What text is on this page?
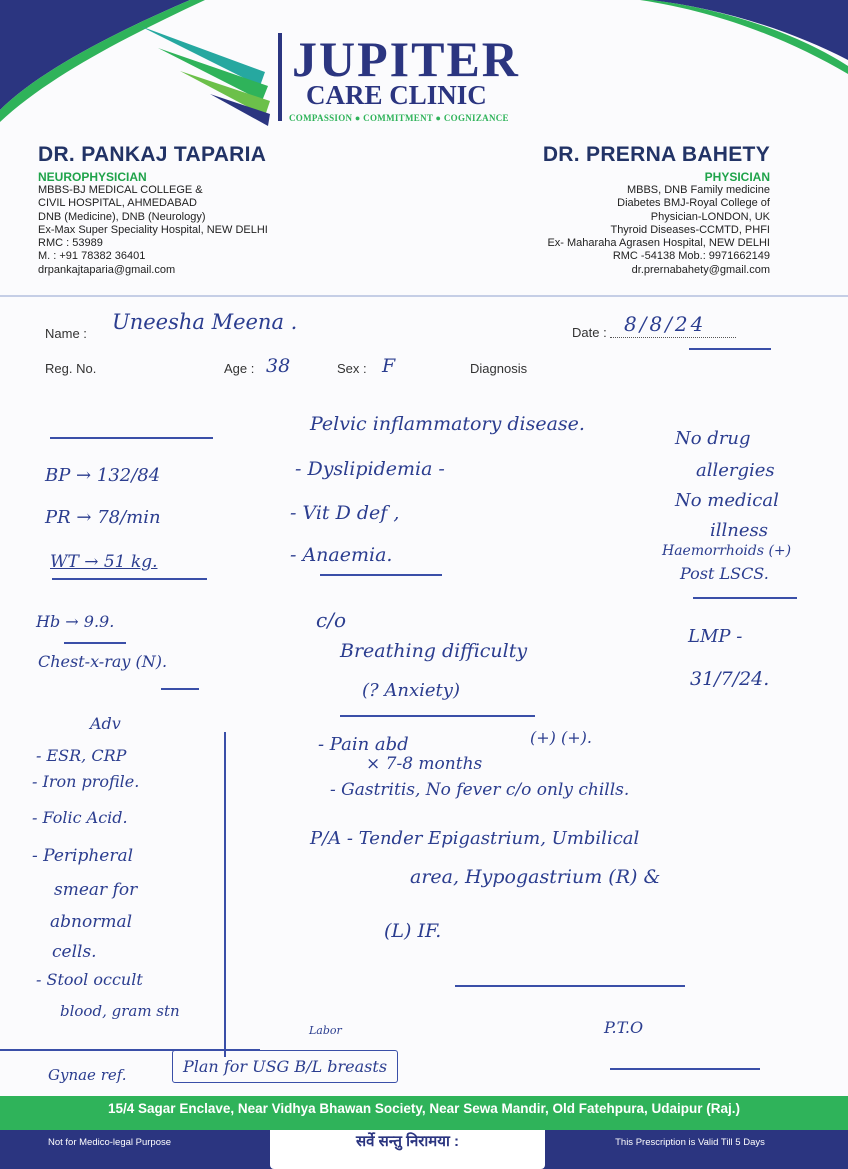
JUPITER
CARE CLINIC
COMPASSION ● COMMITMENT ● COGNIZANCE
DR. PANKAJ TAPARIA
NEUROPHYSICIAN
MBBS-BJ MEDICAL COLLEGE &
CIVIL HOSPITAL, AHMEDABAD
DNB (Medicine), DNB (Neurology)
Ex-Max Super Speciality Hospital, NEW DELHI
RMC : 53989
M. : +91 78382 36401
drpankajtaparia@gmail.com
DR. PRERNA BAHETY
PHYSICIAN
MBBS, DNB Family medicine
Diabetes BMJ-Royal College of
Physician-LONDON, UK
Thyroid Diseases-CCMTD, PHFI
Ex- Maharaha Agrasen Hospital, NEW DELHI
RMC -54138 Mob.: 9971662149
dr.prernabahety@gmail.com
Name : Uneesha Meena .	Date : 8/8/24
Reg. No.	Age : 38	Sex : F	Diagnosis
BP → 132/84
PR → 78/min
WT → 51 kg.
Hb → 9.9.
Chest-x-ray (N).
Pelvic inflammatory disease.
- Dyslipidemia -
- Vit D def ,
- Anaemia.
No drug
allergies
No medical
illness
Haemorrhoids (+)
Post LSCS.
c/o
Breathing difficulty
(? Anxiety)
LMP -
31/7/24.
Adv
- ESR, CRP
- Iron profile.
- Folic Acid.
- Peripheral
smear for
abnormal
cells.
- Stool occult
blood, gram stn
- Pain abd	(+) (+).
× 7-8 months
- Gastritis, No fever c/o only chills.
P/A - Tender Epigastrium, Umbilical
area, Hypogastrium (R) &
(L) IF.
Labor
Gynae ref.	Plan for USG B/L breasts
P.T.O
15/4 Sagar Enclave, Near Vidhya Bhawan Society, Near Sewa Mandir, Old Fatehpura, Udaipur (Raj.)
Not for Medico-legal Purpose	सर्वे सन्तु निरामया :	This Prescription is Valid Till 5 Days
